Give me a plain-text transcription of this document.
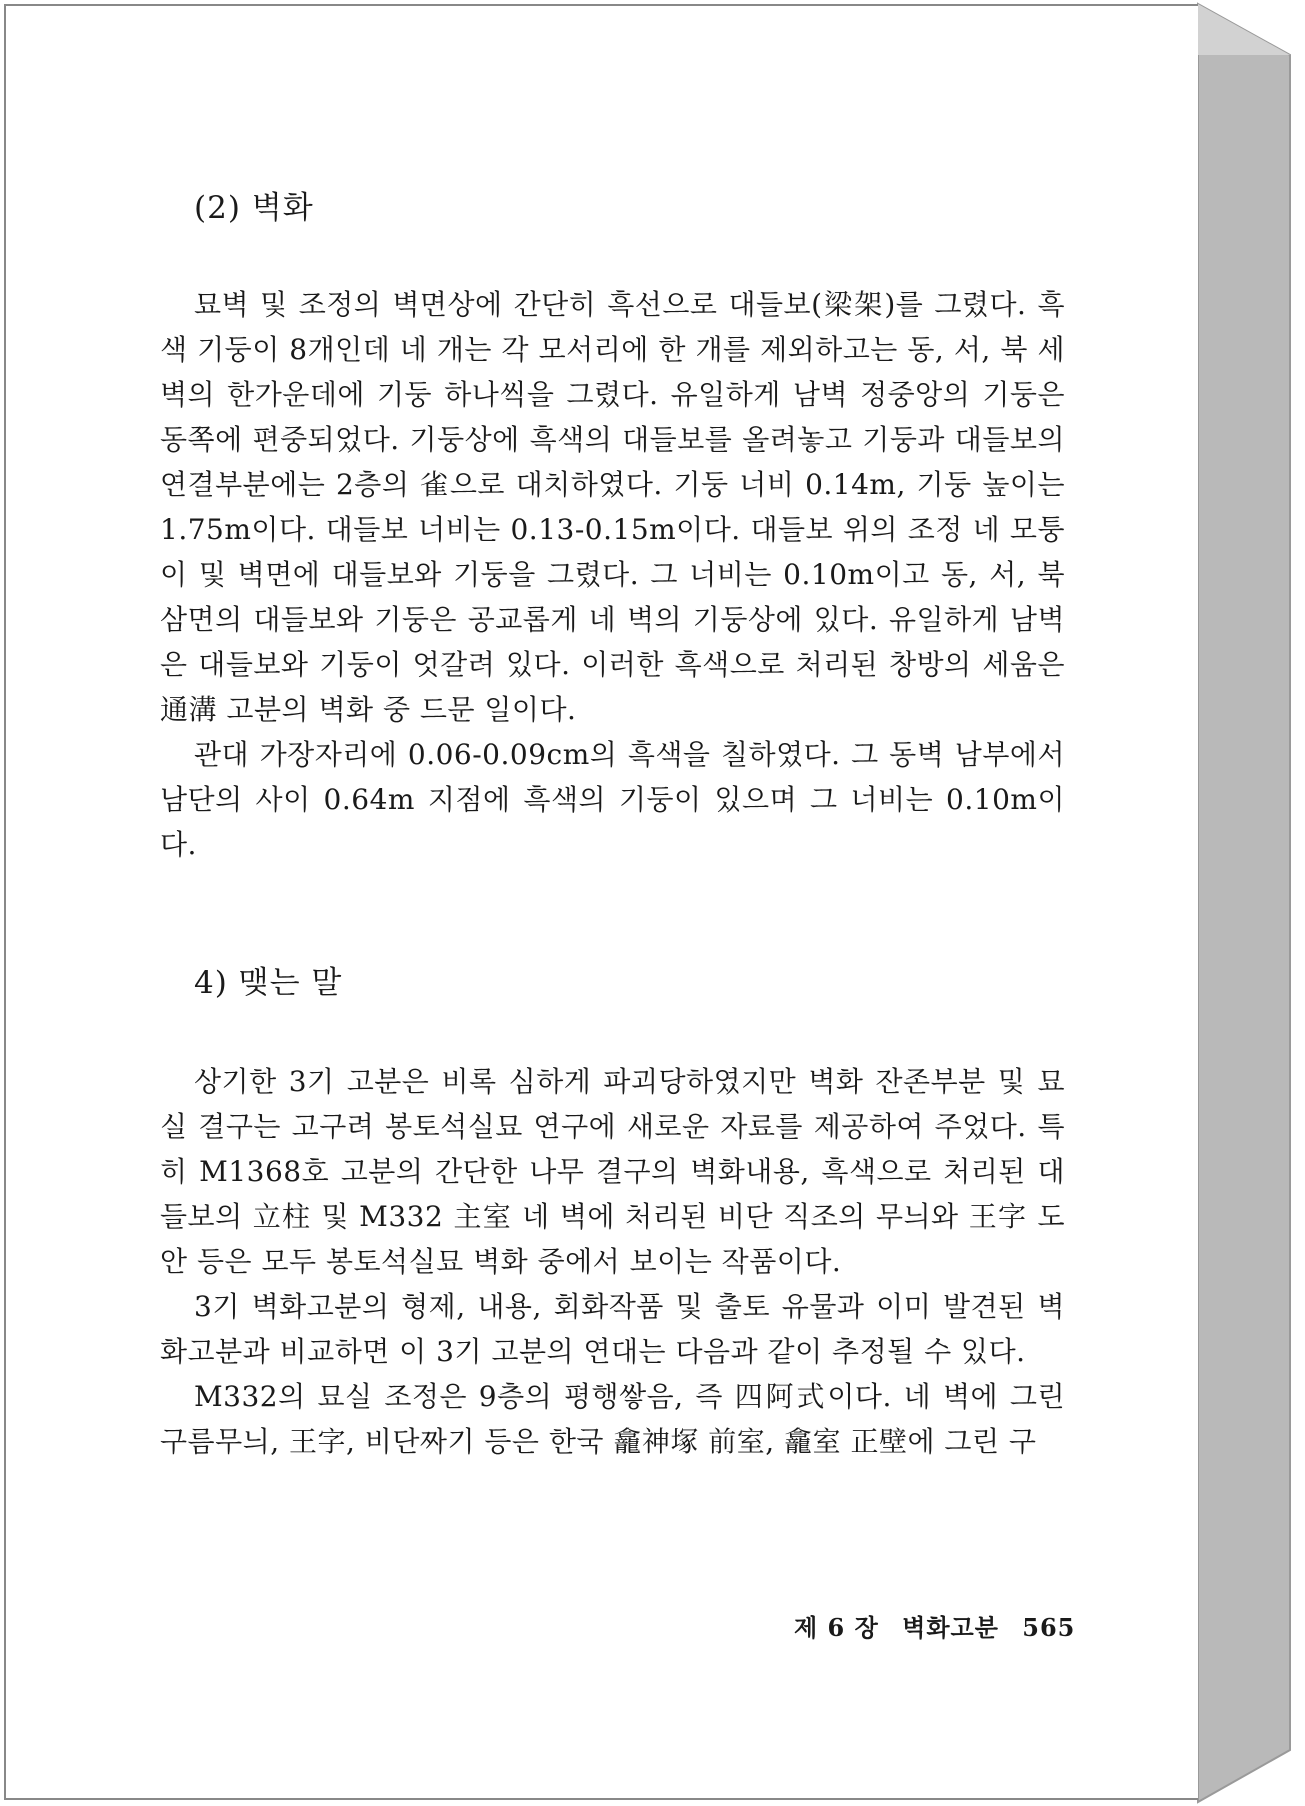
(2) 벽화

묘벽 및 조정의 벽면상에 간단히 흑선으로 대들보(梁架)를 그렸다. 흑색 기둥이 8개인데 네 개는 각 모서리에 한 개를 제외하고는 동, 서, 북 세 벽의 한가운데에 기둥 하나씩을 그렸다. 유일하게 남벽 정중앙의 기둥은 동쪽에 편중되었다. 기둥상에 흑색의 대들보를 올려놓고 기둥과 대들보의 연결부분에는 2층의 雀으로 대치하였다. 기둥 너비 0.14m, 기둥 높이는 1.75m이다. 대들보 너비는 0.13-0.15m이다. 대들보 위의 조정 네 모퉁이 및 벽면에 대들보와 기둥을 그렸다. 그 너비는 0.10m이고 동, 서, 북 삼면의 대들보와 기둥은 공교롭게 네 벽의 기둥상에 있다. 유일하게 남벽은 대들보와 기둥이 엇갈려 있다. 이러한 흑색으로 처리된 창방의 세움은 通溝 고분의 벽화 중 드문 일이다.

관대 가장자리에 0.06-0.09cm의 흑색을 칠하였다. 그 동벽 남부에서 남단의 사이 0.64m 지점에 흑색의 기둥이 있으며 그 너비는 0.10m이다.

4) 맺는 말

상기한 3기 고분은 비록 심하게 파괴당하였지만 벽화 잔존부분 및 묘실 결구는 고구려 봉토석실묘 연구에 새로운 자료를 제공하여 주었다. 특히 M1368호 고분의 간단한 나무 결구의 벽화내용, 흑색으로 처리된 대들보의 立柱 및 M332 主室 네 벽에 처리된 비단 직조의 무늬와 王字 도안 등은 모두 봉토석실묘 벽화 중에서 보이는 작품이다.

3기 벽화고분의 형제, 내용, 회화작품 및 출토 유물과 이미 발견된 벽화고분과 비교하면 이 3기 고분의 연대는 다음과 같이 추정될 수 있다.

M332의 묘실 조정은 9층의 평행쌓음, 즉 四阿式이다. 네 벽에 그린 구름무늬, 王字, 비단짜기 등은 한국 龕神塚 前室, 龕室 正壁에 그린 구

제 6 장 벽화고분 565
